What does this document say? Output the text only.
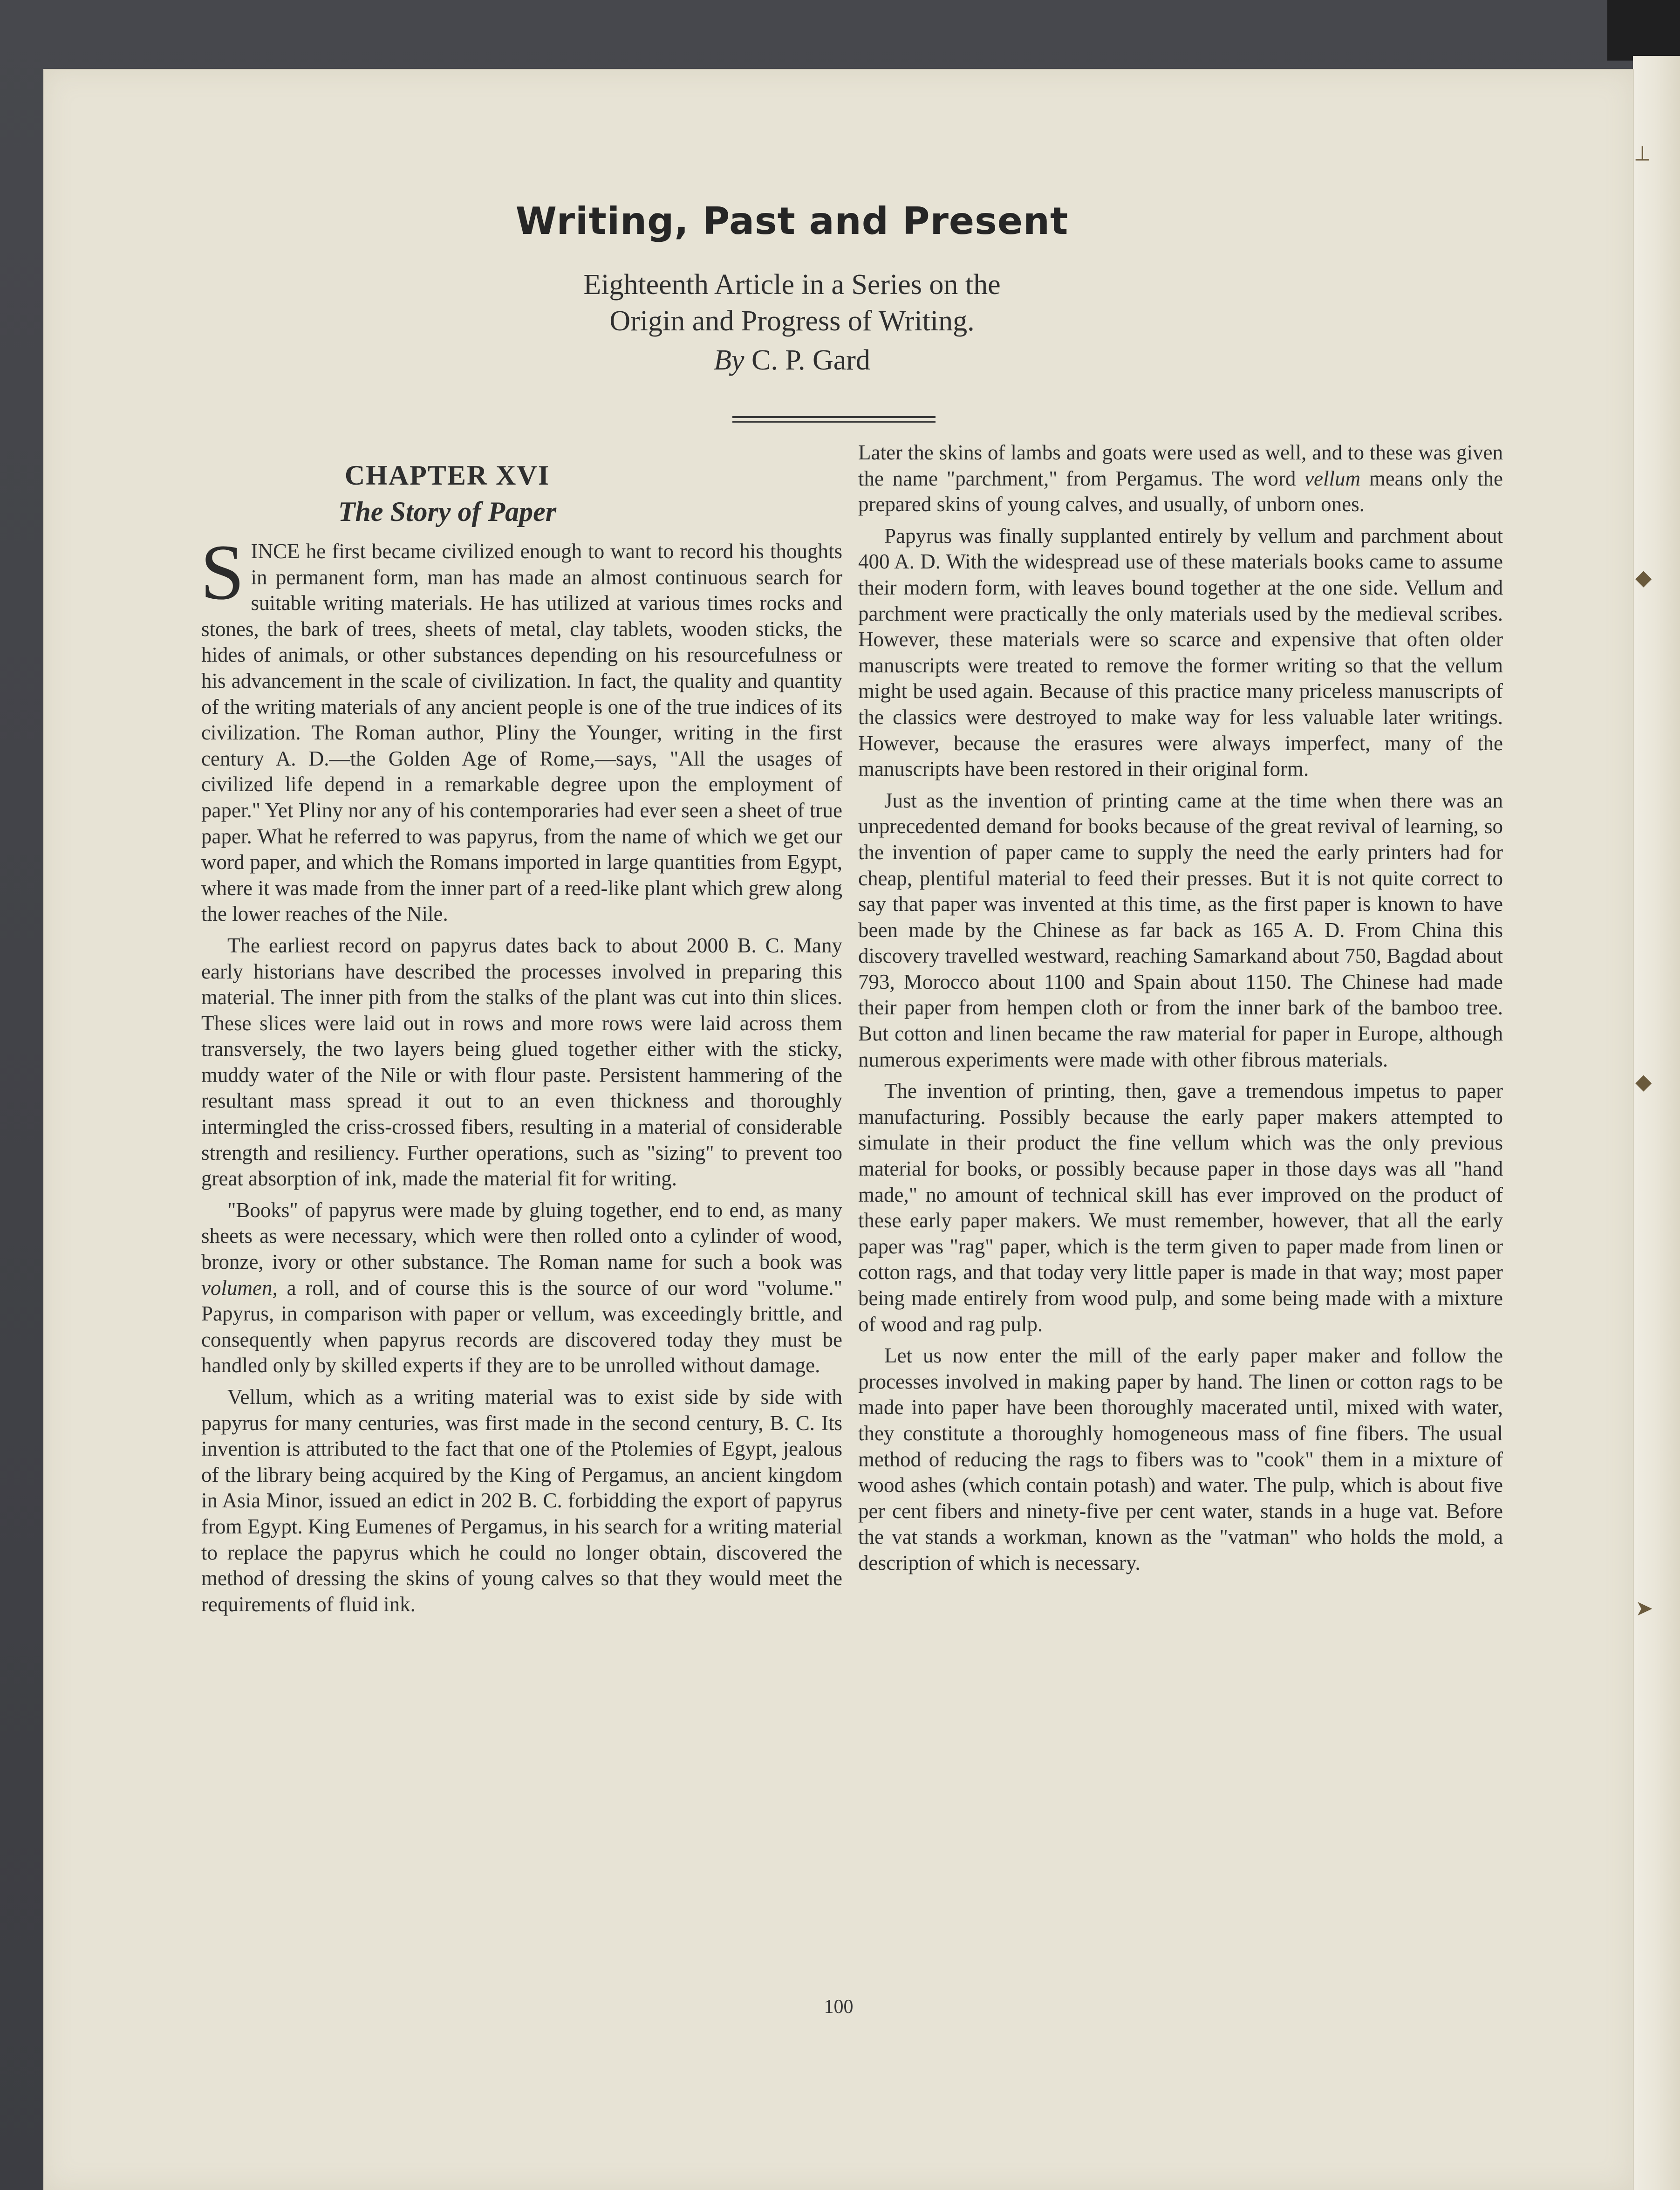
⟂
◆
◆
➤
Writing, Past and Present

Eighteenth Article in a Series on the

Origin and Progress of Writing.

By C. P. Gard
CHAPTER XVI
The Story of Paper

SINCE he first became civilized enough to want to record his thoughts in permanent form, man has made an almost continuous search for suitable writing materials. He has utilized at various times rocks and stones, the bark of trees, sheets of metal, clay tablets, wooden sticks, the hides of animals, or other substances depending on his resourcefulness or his advancement in the scale of civilization. In fact, the quality and quantity of the writing materials of any ancient people is one of the true indices of its civilization. The Roman author, Pliny the Younger, writing in the first century A. D.—the Golden Age of Rome,—says, "All the usages of civilized life depend in a remarkable degree upon the employment of paper." Yet Pliny nor any of his contemporaries had ever seen a sheet of true paper. What he referred to was papyrus, from the name of which we get our word paper, and which the Romans imported in large quantities from Egypt, where it was made from the inner part of a reed-like plant which grew along the lower reaches of the Nile.

The earliest record on papyrus dates back to about 2000 B. C. Many early historians have described the processes involved in preparing this material. The inner pith from the stalks of the plant was cut into thin slices. These slices were laid out in rows and more rows were laid across them transversely, the two layers being glued together either with the sticky, muddy water of the Nile or with flour paste. Persistent hammering of the resultant mass spread it out to an even thickness and thoroughly intermingled the criss-crossed fibers, resulting in a material of considerable strength and resiliency. Further operations, such as "sizing" to prevent too great absorption of ink, made the material fit for writing.

"Books" of papyrus were made by gluing together, end to end, as many sheets as were necessary, which were then rolled onto a cylinder of wood, bronze, ivory or other substance. The Roman name for such a book was volumen, a roll, and of course this is the source of our word "volume." Papyrus, in comparison with paper or vellum, was exceedingly brittle, and consequently when papyrus records are discovered today they must be handled only by skilled experts if they are to be unrolled without damage.

Vellum, which as a writing material was to exist side by side with papyrus for many centuries, was first made in the second century, B. C. Its invention is attributed to the fact that one of the Ptolemies of Egypt, jealous of the library being acquired by the King of Pergamus, an ancient kingdom in Asia Minor, issued an edict in 202 B. C. forbidding the export of papyrus from Egypt. King Eumenes of Pergamus, in his search for a writing material to replace the papyrus which he could no longer obtain, discovered the method of dressing the skins of young calves so that they would meet the requirements of fluid ink.

Later the skins of lambs and goats were used as well, and to these was given the name "parchment," from Pergamus. The word vellum means only the prepared skins of young calves, and usually, of unborn ones.

Papyrus was finally supplanted entirely by vellum and parchment about 400 A. D. With the widespread use of these materials books came to assume their modern form, with leaves bound together at the one side. Vellum and parchment were practically the only materials used by the medieval scribes. However, these materials were so scarce and expensive that often older manuscripts were treated to remove the former writing so that the vellum might be used again. Because of this practice many priceless manuscripts of the classics were destroyed to make way for less valuable later writings. However, because the erasures were always imperfect, many of the manuscripts have been restored in their original form.

Just as the invention of printing came at the time when there was an unprecedented demand for books because of the great revival of learning, so the invention of paper came to supply the need the early printers had for cheap, plentiful material to feed their presses. But it is not quite correct to say that paper was invented at this time, as the first paper is known to have been made by the Chinese as far back as 165 A. D. From China this discovery travelled westward, reaching Samarkand about 750, Bagdad about 793, Morocco about 1100 and Spain about 1150. The Chinese had made their paper from hempen cloth or from the inner bark of the bamboo tree. But cotton and linen became the raw material for paper in Europe, although numerous experiments were made with other fibrous materials.

The invention of printing, then, gave a tremendous impetus to paper manufacturing. Possibly because the early paper makers attempted to simulate in their product the fine vellum which was the only previous material for books, or possibly because paper in those days was all "hand made," no amount of technical skill has ever improved on the product of these early paper makers. We must remember, however, that all the early paper was "rag" paper, which is the term given to paper made from linen or cotton rags, and that today very little paper is made in that way; most paper being made entirely from wood pulp, and some being made with a mixture of wood and rag pulp.

Let us now enter the mill of the early paper maker and follow the processes involved in making paper by hand. The linen or cotton rags to be made into paper have been thoroughly macerated until, mixed with water, they constitute a thoroughly homogeneous mass of fine fibers. The usual method of reducing the rags to fibers was to "cook" them in a mixture of wood ashes (which contain potash) and water. The pulp, which is about five per cent fibers and ninety-five per cent water, stands in a huge vat. Before the vat stands a workman, known as the "vatman" who holds the mold, a description of which is necessary.

100
